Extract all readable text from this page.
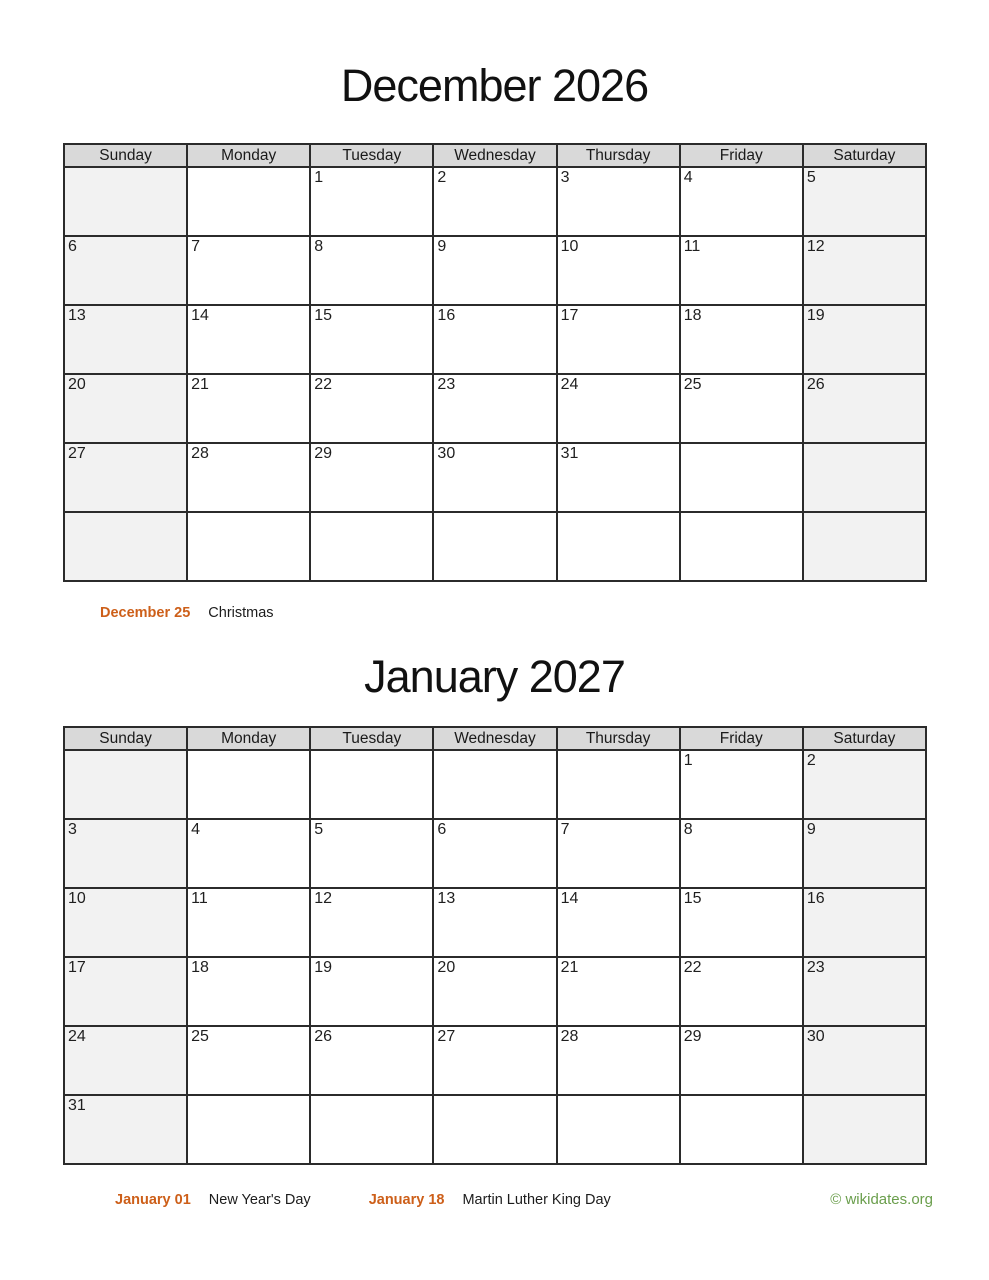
December 2026
Sunday	Monday	Tuesday	Wednesday	Thursday	Friday	Saturday
		1	2	3	4	5
6	7	8	9	10	11	12
13	14	15	16	17	18	19
20	21	22	23	24	25	26
27	28	29	30	31		

December 25 Christmas
January 2027
Sunday	Monday	Tuesday	Wednesday	Thursday	Friday	Saturday
					1	2
3	4	5	6	7	8	9
10	11	12	13	14	15	16
17	18	19	20	21	22	23
24	25	26	27	28	29	30
31						
January 01 New Year's Day	January 18 Martin Luther King Day	© wikidates.org
